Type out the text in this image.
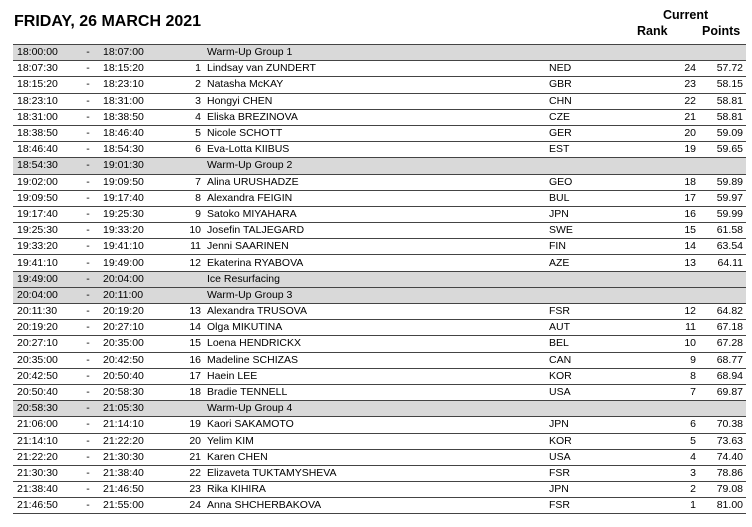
FRIDAY, 26 MARCH 2021	Current
Rank	Points
18:00:00	-	18:07:00		Warm-Up Group 1			
18:07:30	-	18:15:20	1	Lindsay van ZUNDERT	NED	24	57.72
18:15:20	-	18:23:10	2	Natasha McKAY	GBR	23	58.15
18:23:10	-	18:31:00	3	Hongyi CHEN	CHN	22	58.81
18:31:00	-	18:38:50	4	Eliska BREZINOVA	CZE	21	58.81
18:38:50	-	18:46:40	5	Nicole SCHOTT	GER	20	59.09
18:46:40	-	18:54:30	6	Eva-Lotta KIIBUS	EST	19	59.65
18:54:30	-	19:01:30		Warm-Up Group 2			
19:02:00	-	19:09:50	7	Alina URUSHADZE	GEO	18	59.89
19:09:50	-	19:17:40	8	Alexandra FEIGIN	BUL	17	59.97
19:17:40	-	19:25:30	9	Satoko MIYAHARA	JPN	16	59.99
19:25:30	-	19:33:20	10	Josefin TALJEGARD	SWE	15	61.58
19:33:20	-	19:41:10	11	Jenni SAARINEN	FIN	14	63.54
19:41:10	-	19:49:00	12	Ekaterina RYABOVA	AZE	13	64.11
19:49:00	-	20:04:00		Ice Resurfacing			
20:04:00	-	20:11:00		Warm-Up Group 3			
20:11:30	-	20:19:20	13	Alexandra TRUSOVA	FSR	12	64.82
20:19:20	-	20:27:10	14	Olga MIKUTINA	AUT	11	67.18
20:27:10	-	20:35:00	15	Loena HENDRICKX	BEL	10	67.28
20:35:00	-	20:42:50	16	Madeline SCHIZAS	CAN	9	68.77
20:42:50	-	20:50:40	17	Haein LEE	KOR	8	68.94
20:50:40	-	20:58:30	18	Bradie TENNELL	USA	7	69.87
20:58:30	-	21:05:30		Warm-Up Group 4			
21:06:00	-	21:14:10	19	Kaori SAKAMOTO	JPN	6	70.38
21:14:10	-	21:22:20	20	Yelim KIM	KOR	5	73.63
21:22:20	-	21:30:30	21	Karen CHEN	USA	4	74.40
21:30:30	-	21:38:40	22	Elizaveta TUKTAMYSHEVA	FSR	3	78.86
21:38:40	-	21:46:50	23	Rika KIHIRA	JPN	2	79.08
21:46:50	-	21:55:00	24	Anna SHCHERBAKOVA	FSR	1	81.00
